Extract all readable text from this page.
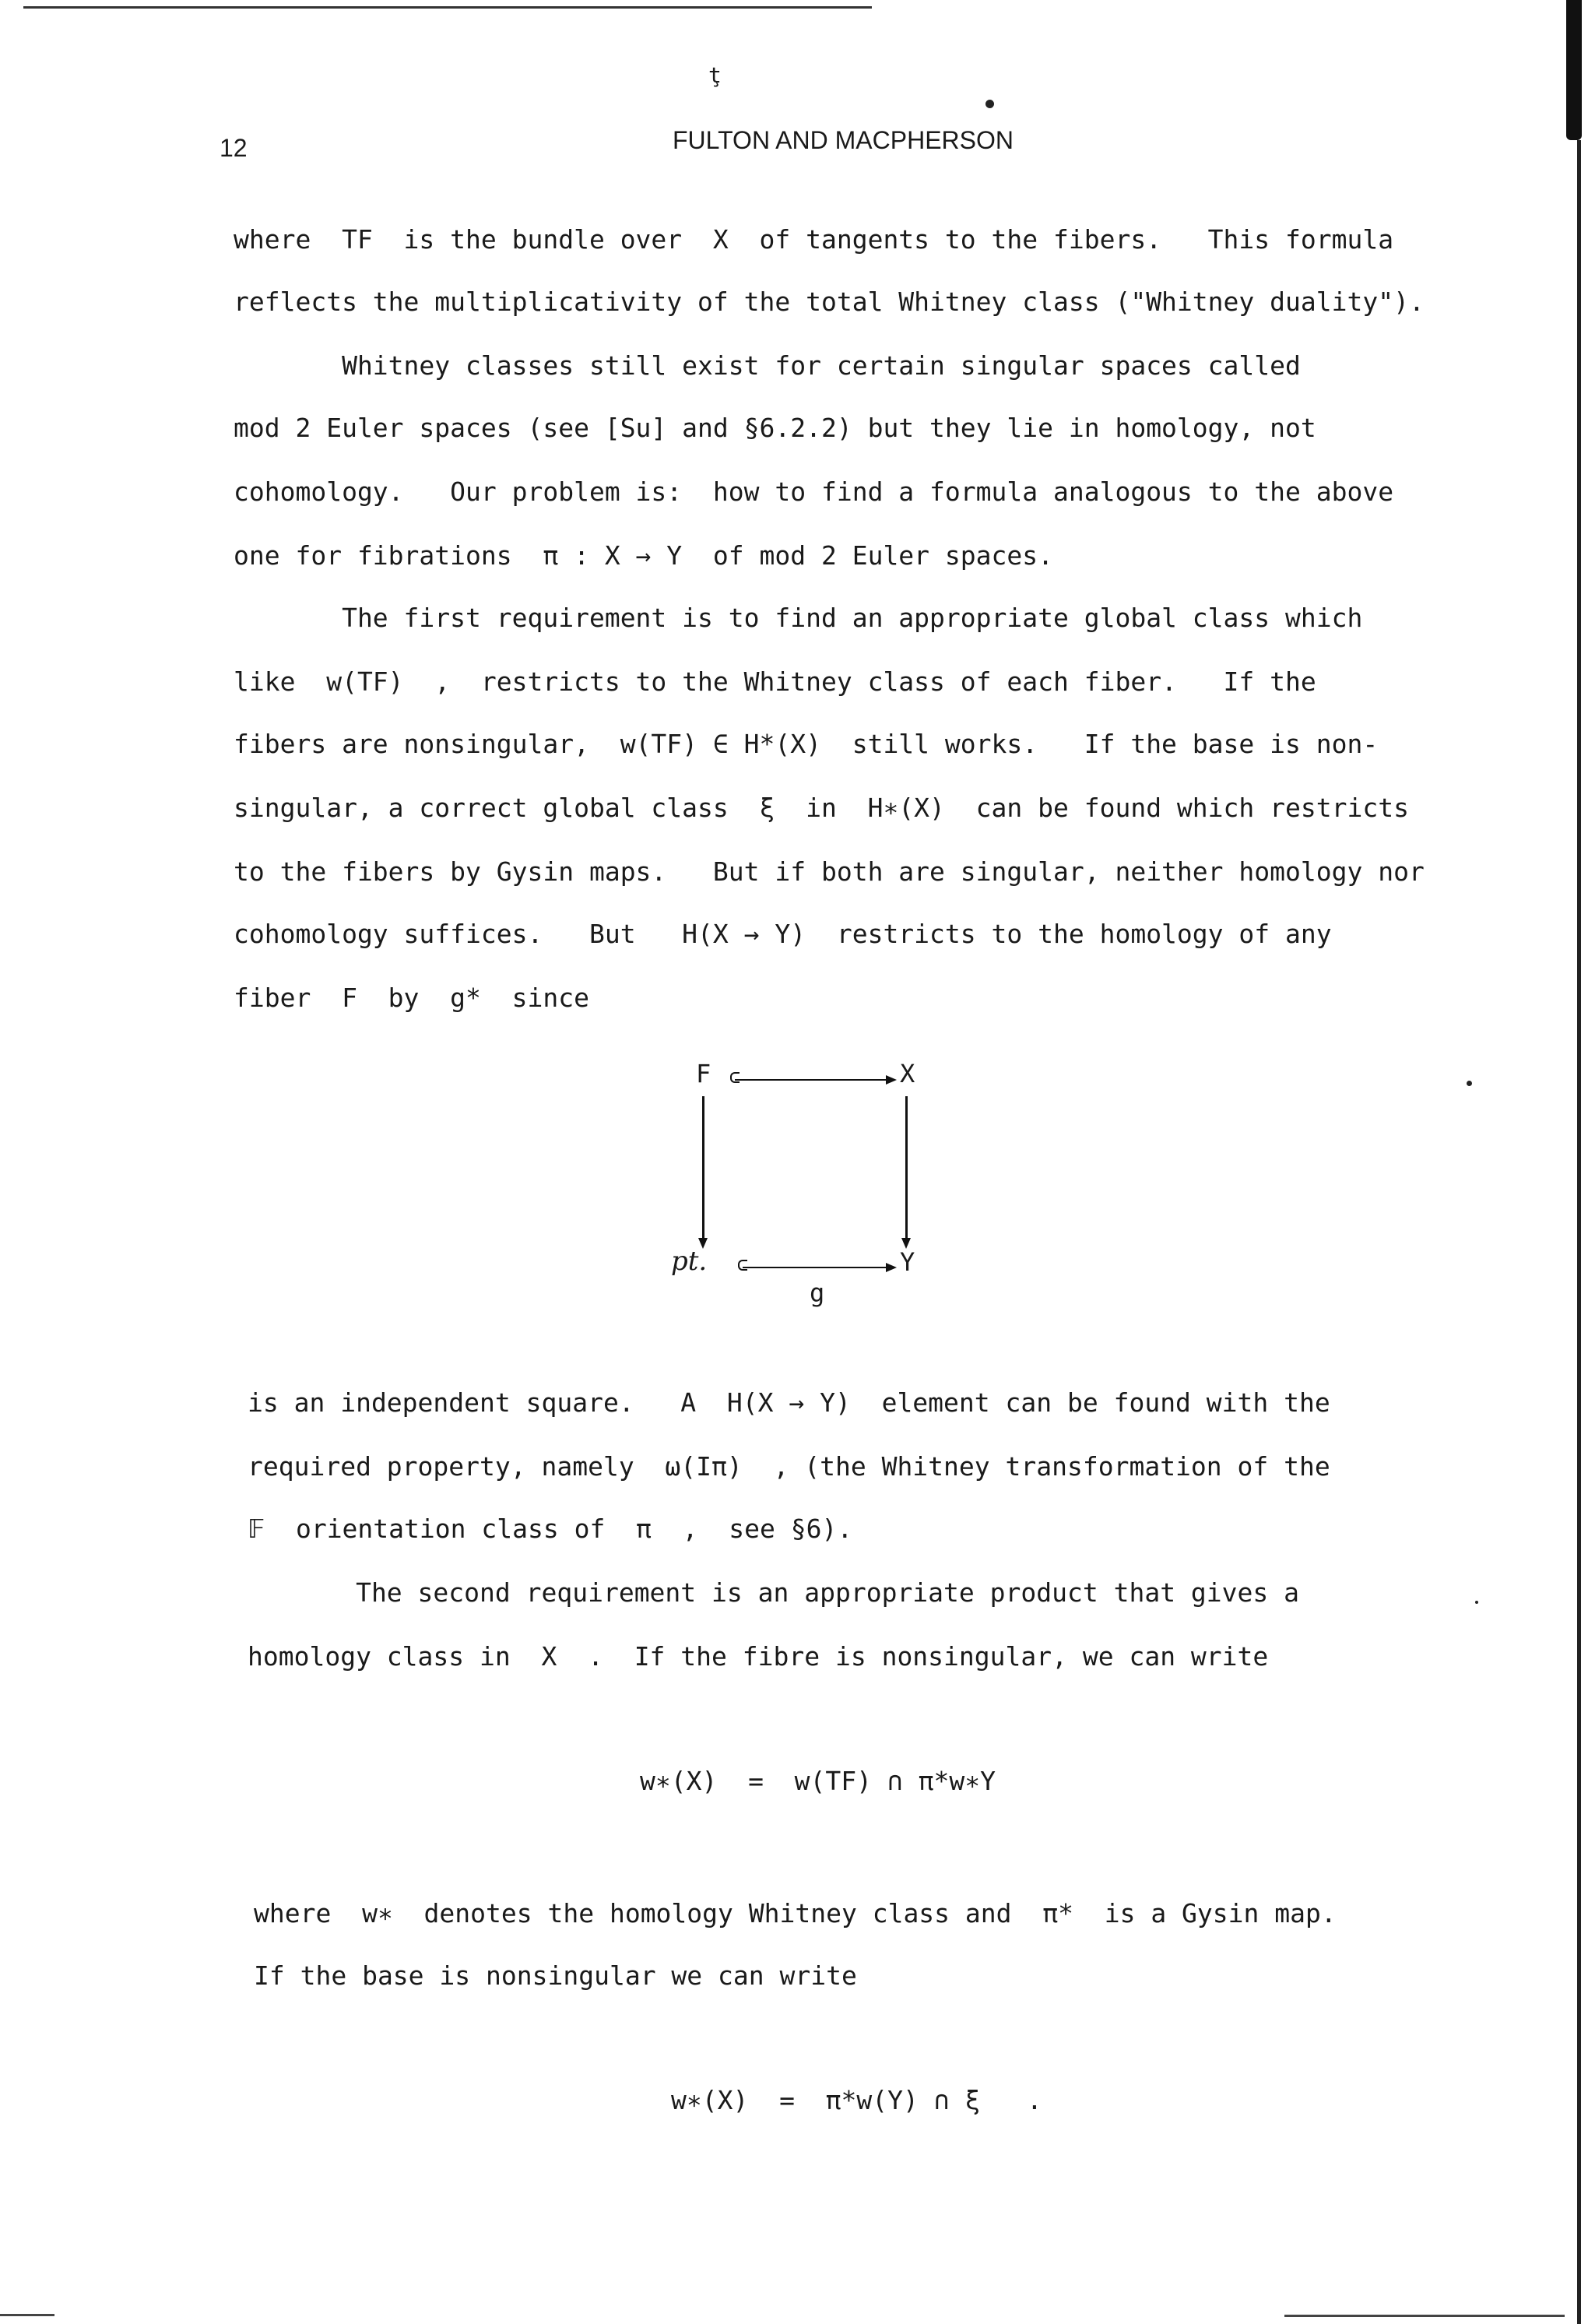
ţ
12	FULTON AND MACPHERSON
where  TF  is the bundle over  X  of tangents to the fibers.   This formula
reflects the multiplicativity of the total Whitney class ("Whitney duality").
Whitney classes still exist for certain singular spaces called
mod 2 Euler spaces (see [Su] and §6.2.2) but they lie in homology, not
cohomology.   Our problem is:  how to find a formula analogous to the above
one for fibrations  π : X → Y  of mod 2 Euler spaces.
The first requirement is to find an appropriate global class which
like  w(TF)  ,  restricts to the Whitney class of each fiber.   If the
fibers are nonsingular,  w(TF) ∈ H*(X)  still works.   If the base is non-
singular, a correct global class  ξ  in  H∗(X)  can be found which restricts
to the fibers by Gysin maps.   But if both are singular, neither homology nor
cohomology suffices.   But   H(X → Y)  restricts to the homology of any
fiber  F  by  g*  since
F	X
pt.	Y
g
is an independent square.   A  H(X → Y)  element can be found with the
required property, namely  ω(Iπ)  , (the Whitney transformation of the
𝔽  orientation class of  π  ,  see §6).
The second requirement is an appropriate product that gives a
homology class in  X  .  If the fibre is nonsingular, we can write
w∗(X)  =  w(TF) ∩ π*w∗Y
where  w∗  denotes the homology Whitney class and  π*  is a Gysin map.
If the base is nonsingular we can write
w∗(X)  =  π*w(Y) ∩ ξ   .
